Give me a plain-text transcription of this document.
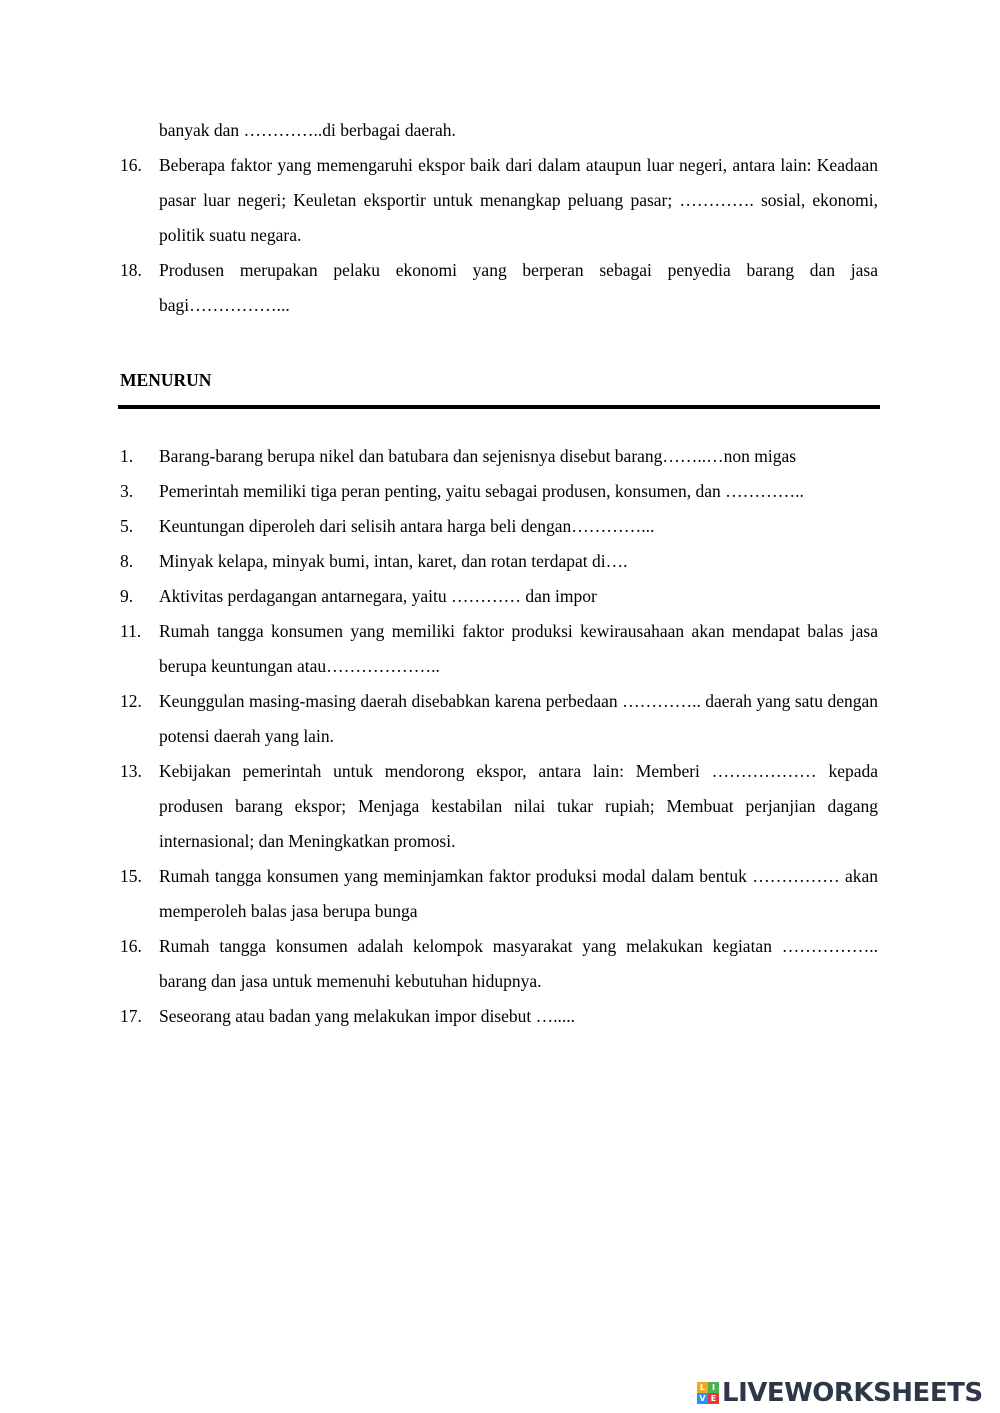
banyak dan …………..di berbagai daerah.
16. Beberapa faktor yang memengaruhi ekspor baik dari dalam ataupun luar negeri, antara lain: Keadaan pasar luar negeri; Keuletan eksportir untuk menangkap peluang pasar; …………. sosial, ekonomi, politik suatu negara.
18. Produsen merupakan pelaku ekonomi yang berperan sebagai penyedia barang dan jasa bagi……………...
MENURUN
1. Barang-barang berupa nikel dan batubara dan sejenisnya disebut barang……..…non migas
3. Pemerintah memiliki tiga peran penting, yaitu sebagai produsen, konsumen, dan …………..
5. Keuntungan diperoleh dari selisih antara harga beli dengan…………...
8. Minyak kelapa, minyak bumi, intan, karet, dan rotan terdapat di….
9. Aktivitas perdagangan antarnegara, yaitu ………… dan impor
11. Rumah tangga konsumen yang memiliki faktor produksi kewirausahaan akan mendapat balas jasa berupa keuntungan atau………………..
12. Keunggulan masing-masing daerah disebabkan karena perbedaan ………….. daerah yang satu dengan potensi daerah yang lain.
13. Kebijakan pemerintah untuk mendorong ekspor, antara lain: Memberi ……………… kepada produsen barang ekspor; Menjaga kestabilan nilai tukar rupiah; Membuat perjanjian dagang internasional; dan Meningkatkan promosi.
15. Rumah tangga konsumen yang meminjamkan faktor produksi modal dalam bentuk …………… akan memperoleh balas jasa berupa bunga
16. Rumah tangga konsumen adalah kelompok masyarakat yang melakukan kegiatan …………….. barang dan jasa untuk memenuhi kebutuhan hidupnya.
17. Seseorang atau badan yang melakukan impor disebut ….....
L I
V E LIVEWORKSHEETS
